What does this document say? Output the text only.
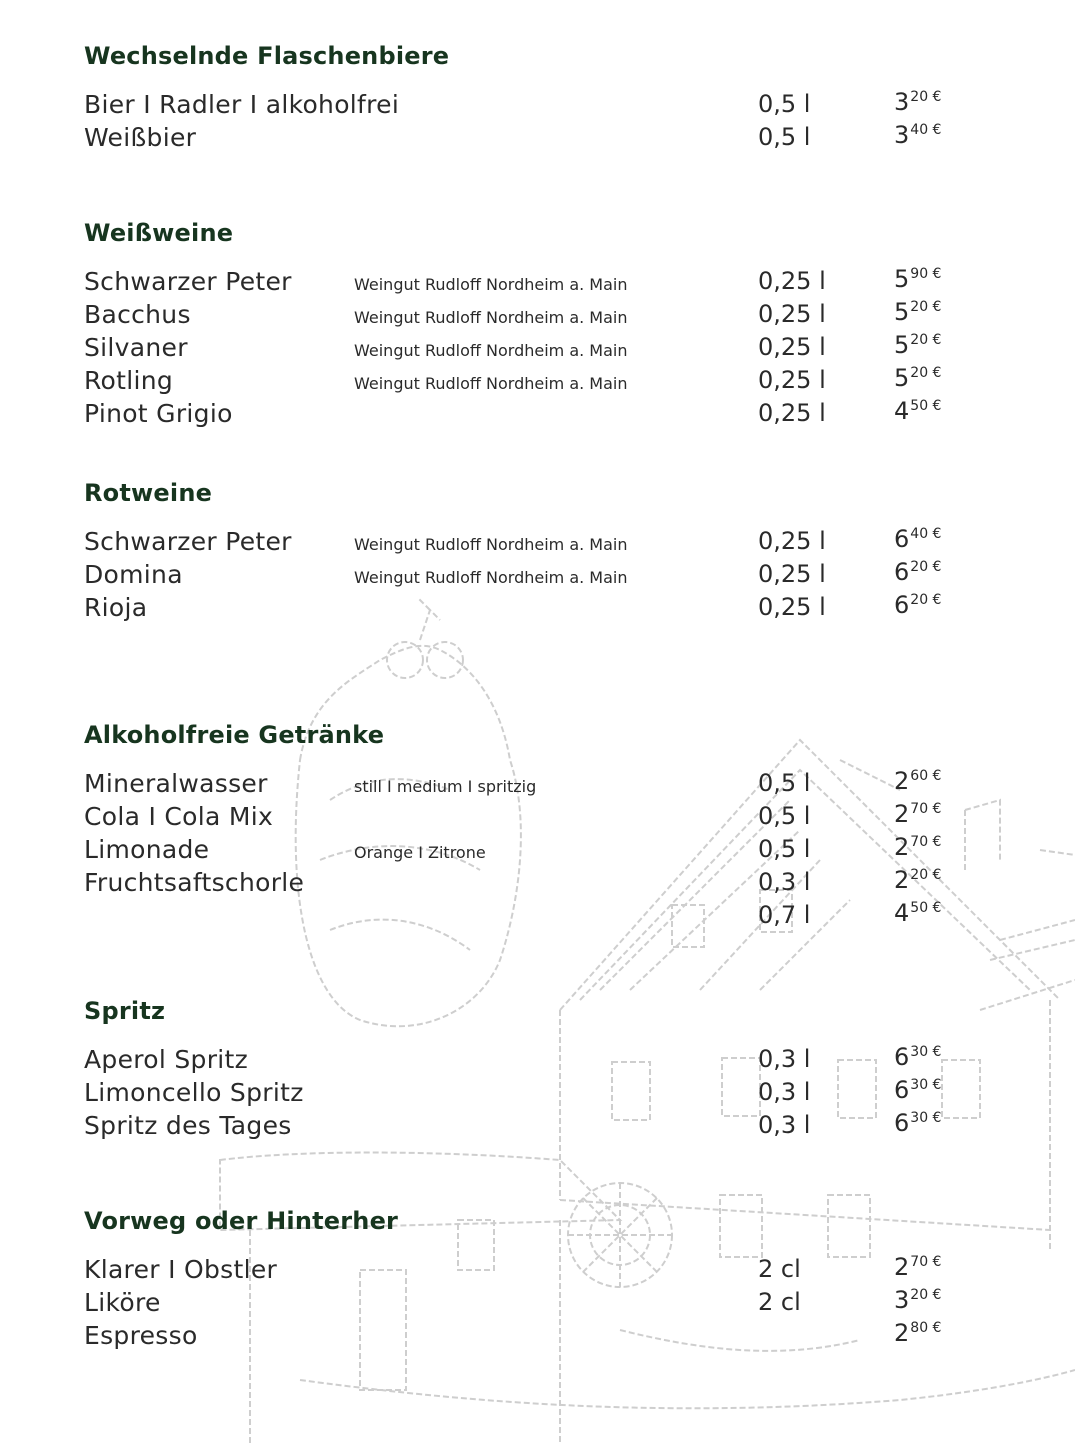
Wechselnde Flaschenbiere
Bier I Radler I alkoholfrei	0,5 l	$3^{20 €}$
Weißbier	0,5 l	$3^{40 €}$
Weißweine
Schwarzer Peter	Weingut Rudloff Nordheim a. Main	0,25 l	$5^{90 €}$
Bacchus	Weingut Rudloff Nordheim a. Main	0,25 l	$5^{20 €}$
Silvaner	Weingut Rudloff Nordheim a. Main	0,25 l	$5^{20 €}$
Rotling	Weingut Rudloff Nordheim a. Main	0,25 l	$5^{20 €}$
Pinot Grigio	0,25 l	$4^{50 €}$
Rotweine
Schwarzer Peter	Weingut Rudloff Nordheim a. Main	0,25 l	$6^{40 €}$
Domina	Weingut Rudloff Nordheim a. Main	0,25 l	$6^{20 €}$
Rioja	0,25 l	$6^{20 €}$
Alkoholfreie Getränke
Mineralwasser	still I medium I spritzig	0,5 l	$2^{60 €}$
Cola I Cola Mix	0,5 l	$2^{70 €}$
Limonade	Orange I Zitrone	0,5 l	$2^{70 €}$
Fruchtsaftschorle	0,3 l	$2^{20 €}$
0,7 l	$4^{50 €}$
Spritz
Aperol Spritz	0,3 l	$6^{30 €}$
Limoncello Spritz	0,3 l	$6^{30 €}$
Spritz des Tages	0,3 l	$6^{30 €}$
Vorweg oder Hinterher
Klarer I Obstler	2 cl	$2^{70 €}$
Liköre	2 cl	$3^{20 €}$
Espresso	$2^{80 €}$
